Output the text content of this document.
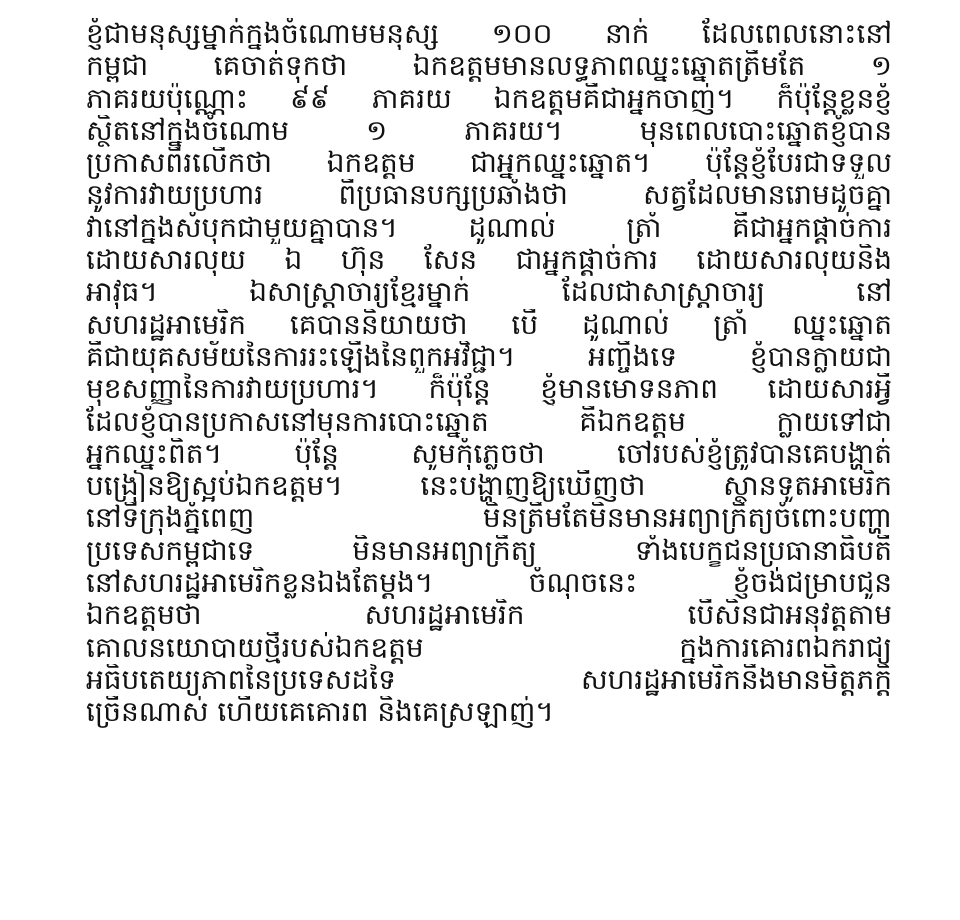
ខ្ញុំជាមនុស្សម្នាក់ក្នុងចំណោមមនុស្ស ១០០ នាក់ ដែលពេលនោះនៅ
កម្ពុជា គេចាត់ទុកថា ឯកឧត្តមមានលទ្ធភាពឈ្នះឆ្នោតត្រឹមតែ ១
ភាគរយប៉ុណ្ណោះ ៩៩ ភាគរយ ឯកឧត្តមគឺជាអ្នកចាញ់។ ក៏ប៉ុន្តែខ្លួនខ្ញុំ
ស្ថិតនៅក្នុងចំណោម ១ ភាគរយ។ មុនពេលបោះឆ្នោតខ្ញុំបាន
ប្រកាសពីរលើកថា ឯកឧត្តម ជាអ្នកឈ្នះឆ្នោត។ ប៉ុន្តែខ្ញុំបែរជាទទួល
នូវការវាយប្រហារ ពីប្រធានបក្សប្រឆាំងថា សត្វដែលមានរោមដូចគ្នា
វានៅក្នុងសំបុកជាមួយគ្នាបាន។ ដូណាល់ ត្រាំ គឺជាអ្នកផ្តាច់ការ
ដោយសារលុយ ឯ ហ៊ុន សែន ជាអ្នកផ្តាច់ការ ដោយសារលុយនិង
អាវុធ។ ឯសាស្ត្រាចារ្យខ្មែរម្នាក់ ដែលជាសាស្ត្រាចារ្យ នៅ
សហរដ្ឋអាមេរិក គេបាននិយាយថា បើ ដូណាល់ ត្រាំ ឈ្នះឆ្នោត
គឺជាយុគសម័យនៃការរះឡើងនៃពួកអវិជ្ជា។ អញ្ចឹងទេ ខ្ញុំបានក្លាយជា
មុខសញ្ញានៃការវាយប្រហារ។ ក៏ប៉ុន្តែ ខ្ញុំមានមោទនភាព ដោយសារអ្វី
ដែលខ្ញុំបានប្រកាសនៅមុនការបោះឆ្នោត គឺឯកឧត្តម ក្លាយទៅជា
អ្នកឈ្នះពិត។ ប៉ុន្តែ សូមកុំភ្លេចថា ចៅរបស់ខ្ញុំត្រូវបានគេបង្ហាត់
បង្រៀនឱ្យស្អប់ឯកឧត្តម។ នេះបង្ហាញឱ្យឃើញថា ស្ថានទូតអាមេរិក
នៅទីក្រុងភ្នំពេញ មិនត្រឹមតែមិនមានអព្យាក្រឹត្យចំពោះបញ្ហា
ប្រទេសកម្ពុជាទេ មិនមានអព្យាក្រឹត្យ ទាំងបេក្ខជនប្រធានាធិបតី
នៅសហរដ្ឋអាមេរិកខ្លួនឯងតែម្តង។ ចំណុចនេះ ខ្ញុំចង់ជម្រាបជូន
ឯកឧត្តមថា សហរដ្ឋអាមេរិក បើសិនជាអនុវត្តតាម
គោលនយោបាយថ្មីរបស់ឯកឧត្តម ក្នុងការគោរពឯករាជ្យ
អធិបតេយ្យភាពនៃប្រទេសដទៃ សហរដ្ឋអាមេរិកនឹងមានមិត្តភក្តិ
ច្រើនណាស់ ហើយគេគោរព និងគេស្រឡាញ់។
